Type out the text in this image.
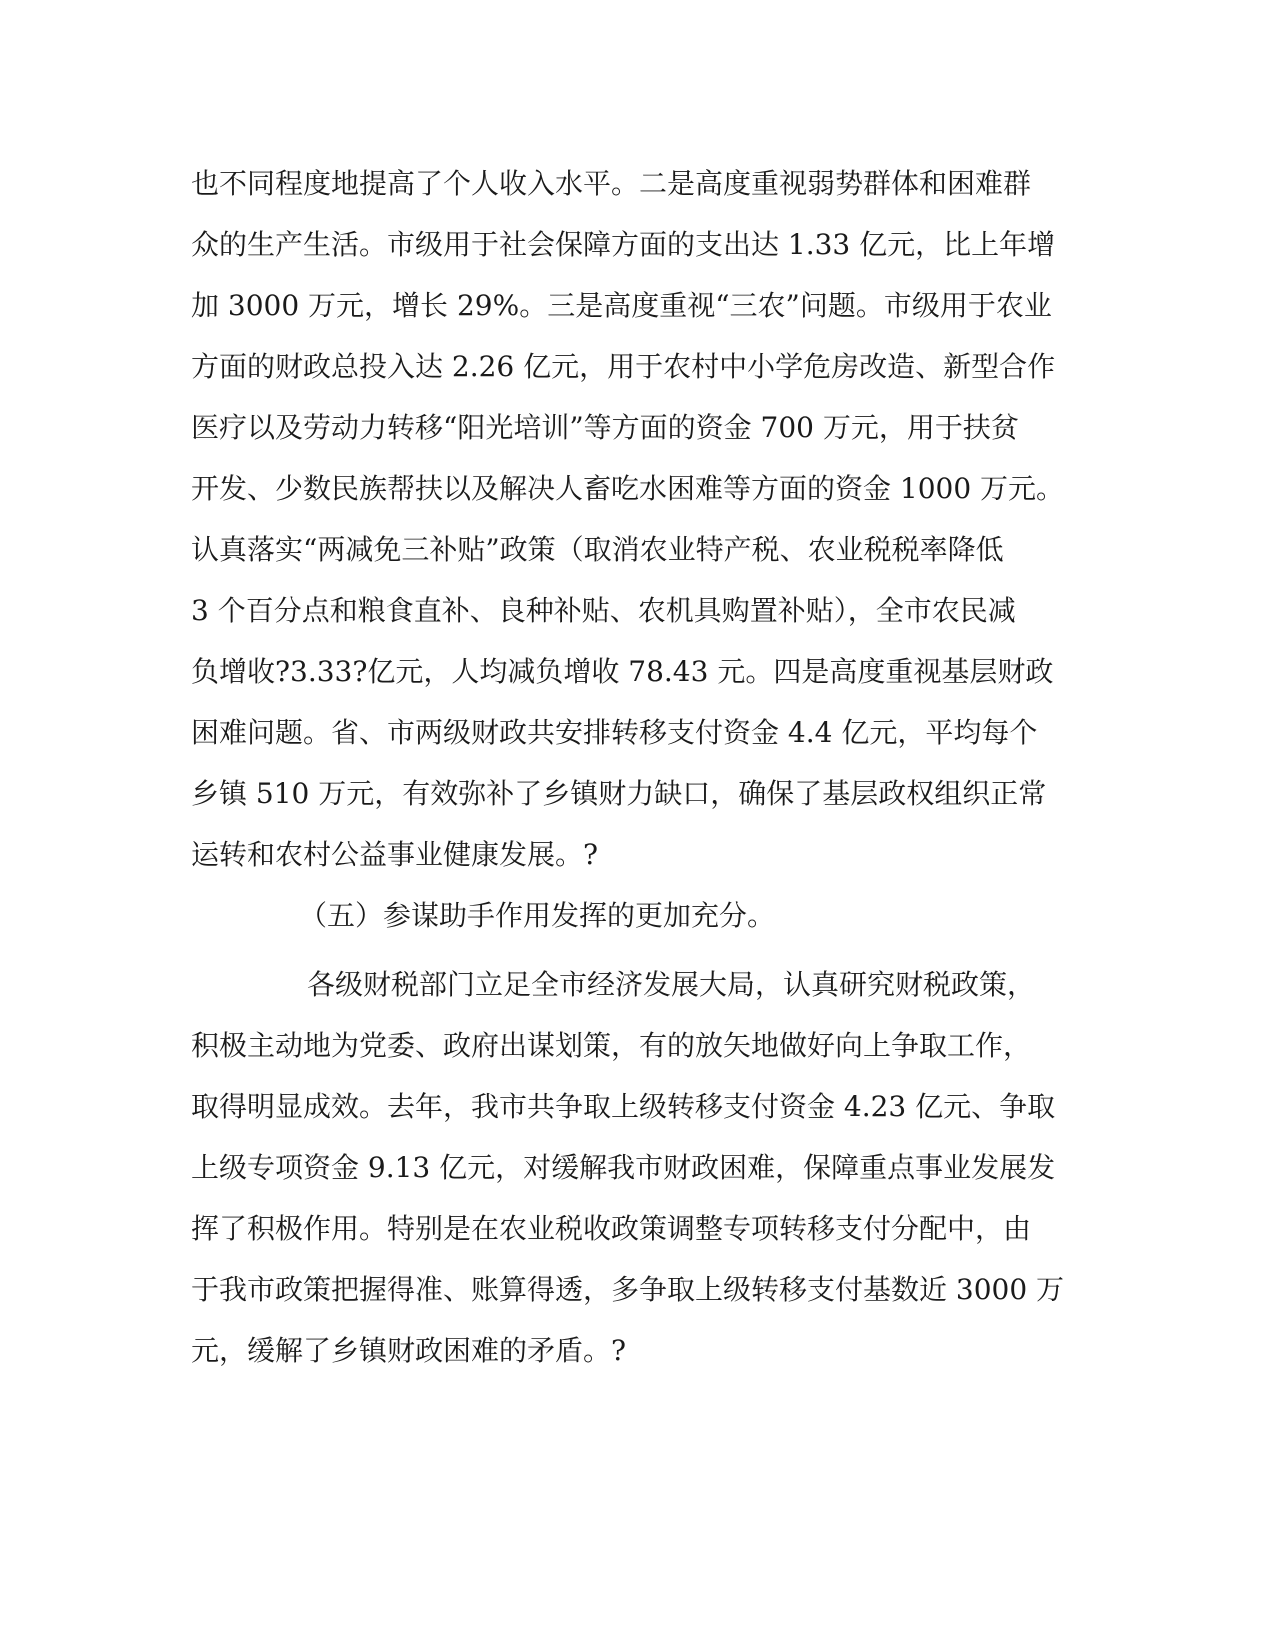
也不同程度地提高了个人收入水平。二是高度重视弱势群体和困难群
众的生产生活。市级用于社会保障方面的支出达 1.33 亿元，比上年增
加 3000 万元，增长 29%。三是高度重视“三农”问题。市级用于农业
方面的财政总投入达 2.26 亿元，用于农村中小学危房改造、新型合作
医疗以及劳动力转移“阳光培训”等方面的资金 700 万元，用于扶贫
开发、少数民族帮扶以及解决人畜吃水困难等方面的资金 1000 万元。
认真落实“两减免三补贴”政策（取消农业特产税、农业税税率降低
3 个百分点和粮食直补、良种补贴、农机具购置补贴），全市农民减
负增收?3.33?亿元，人均减负增收 78.43 元。四是高度重视基层财政
困难问题。省、市两级财政共安排转移支付资金 4.4 亿元，平均每个
乡镇 510 万元，有效弥补了乡镇财力缺口，确保了基层政权组织正常
运转和农村公益事业健康发展。?
（五）参谋助手作用发挥的更加充分。
各级财税部门立足全市经济发展大局，认真研究财税政策，
积极主动地为党委、政府出谋划策，有的放矢地做好向上争取工作，
取得明显成效。去年，我市共争取上级转移支付资金 4.23 亿元、争取
上级专项资金 9.13 亿元，对缓解我市财政困难，保障重点事业发展发
挥了积极作用。特别是在农业税收政策调整专项转移支付分配中，由
于我市政策把握得准、账算得透，多争取上级转移支付基数近 3000 万
元，缓解了乡镇财政困难的矛盾。?
